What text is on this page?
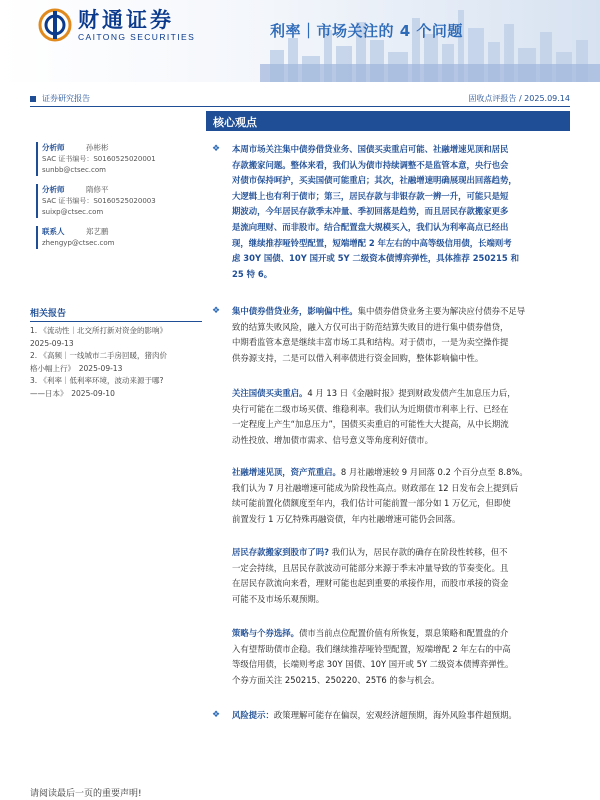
财通证券
CAITONG SECURITIES	利率｜市场关注的 4 个问题
证券研究报告	固收点评报告 / 2025.09.14
分析师	孙彬彬
SAC 证书编号：S0160525020001
sunbb@ctsec.com
分析师	隋修平
SAC 证书编号：S0160525020003
suixp@ctsec.com
联系人	郑艺鹏
zhengyp@ctsec.com
相关报告
1. 《流动性｜北交所打新对资金的影响》
2025-09-13
2. 《高频｜一线城市二手房回暖，猪肉价
格小幅上行》　2025-09-13
3. 《利率｜低利率环境，波动来源于哪?
——日本》　2025-09-10
核心观点
❖ 本周市场关注集中债券借贷业务、国债买卖重启可能、社融增速见顶和居民
存款搬家问题。整体来看，我们认为债市持续调整不是监管本意，央行也会
对债市保持呵护，买卖国债可能重启；其次，社融增速明确展现出回落趋势，
大逻辑上也有利于债市；第三，居民存款与非银存款一辨一升，可能只是短
期波动，今年居民存款季末冲量、季初回落是趋势，而且居民存款搬家更多
是流向理财、而非股市。结合配置盘大规模买入，我们认为利率高点已经出
现，继续推荐哑铃型配置，短端增配 2 年左右的中高等级信用债，长端则考
虑 30Y 国债、10Y 国开或 5Y 二级资本债博弈弹性，具体推荐 250215 和
25 特 6。
❖ 集中债券借贷业务，影响偏中性。集中债券借贷业务主要为解决应付债券不足导
致的结算失败风险，融入方仅可出于防范结算失败目的进行集中债券借贷，
中期看监管本意是继续丰富市场工具和结构。对于债市，一是为卖空操作提
供券源支持，二是可以借入利率债进行资金回购，整体影响偏中性。
关注国债买卖重启。4 月 13 日《金融时报》提到财政发债产生加息压力后，
央行可能在二级市场买债、维稳利率。我们认为近期债市利率上行、已经在
一定程度上产生“加息压力”，国债买卖重启的可能性大大提高，从中长期流
动性投放、增加债市需求、信号意义等角度利好债市。
社融增速见顶，资产荒重启。8 月社融增速较 9 月回落 0.2 个百分点至 8.8%。
我们认为 7 月社融增速可能成为阶段性高点。财政部在 12 日发布会上提到后
续可能前置化债额度至年内，我们估计可能前置一部分如 1 万亿元，但即使
前置发行 1 万亿特殊再融资债，年内社融增速可能仍会回落。
居民存款搬家到股市了吗? 我们认为，居民存款的确存在阶段性转移，但不
一定会持续，且居民存款波动可能部分来源于季末冲量导致的节奏变化。且
在居民存款流向来看，理财可能也起到重要的承接作用，而股市承接的资金
可能不及市场乐观预期。
策略与个券选择。债市当前点位配置价值有所恢复，票息策略和配置盘的介
入有望帮助债市企稳。我们继续推荐哑铃型配置，短端增配 2 年左右的中高
等级信用债，长端则考虑 30Y 国债、10Y 国开或 5Y 二级资本债博弈弹性。
个券方面关注 250215、250220、25T6 的参与机会。
❖ 风险提示：政策理解可能存在偏误，宏观经济超预期，海外风险事件超预期。
请阅读最后一页的重要声明!
